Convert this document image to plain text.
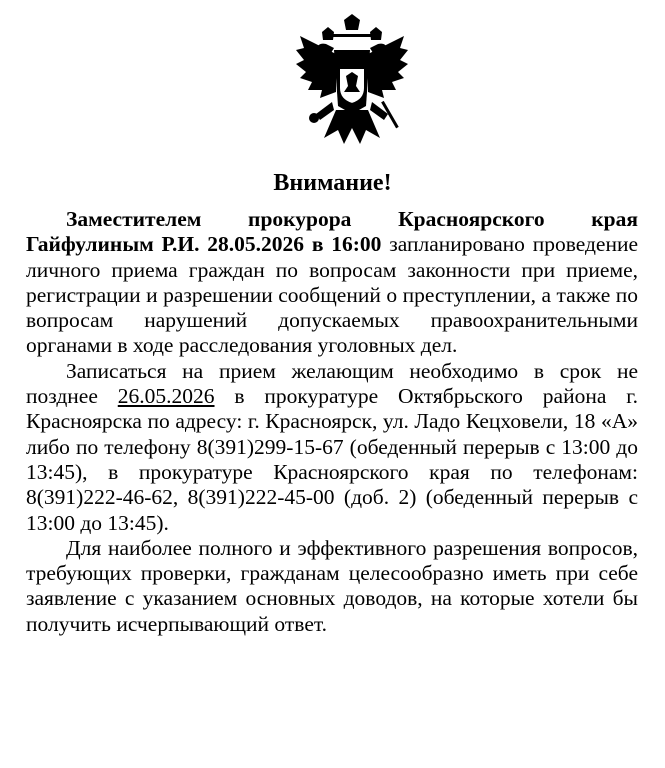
Внимание!

Заместителем прокурора Красноярского края Гайфулиным Р.И. 28.05.2026 в 16:00 запланировано проведение личного приема граждан по вопросам законности при приеме, регистрации и разрешении сообщений о преступлении, а также по вопросам нарушений допускаемых правоохранительными органами в ходе расследования уголовных дел.

Записаться на прием желающим необходимо в срок не позднее 26.05.2026 в прокуратуре Октябрьского района г. Красноярска по адресу: г. Красноярск, ул. Ладо Кецховели, 18 «А» либо по телефону 8(391)299-15-67 (обеденный перерыв с 13:00 до 13:45), в прокуратуре Красноярского края по телефонам: 8(391)222-46-62, 8(391)222-45-00 (доб. 2) (обеденный перерыв с 13:00 до 13:45).

Для наиболее полного и эффективного разрешения вопросов, требующих проверки, гражданам целесообразно иметь при себе заявление с указанием основных доводов, на которые хотели бы получить исчерпывающий ответ.
